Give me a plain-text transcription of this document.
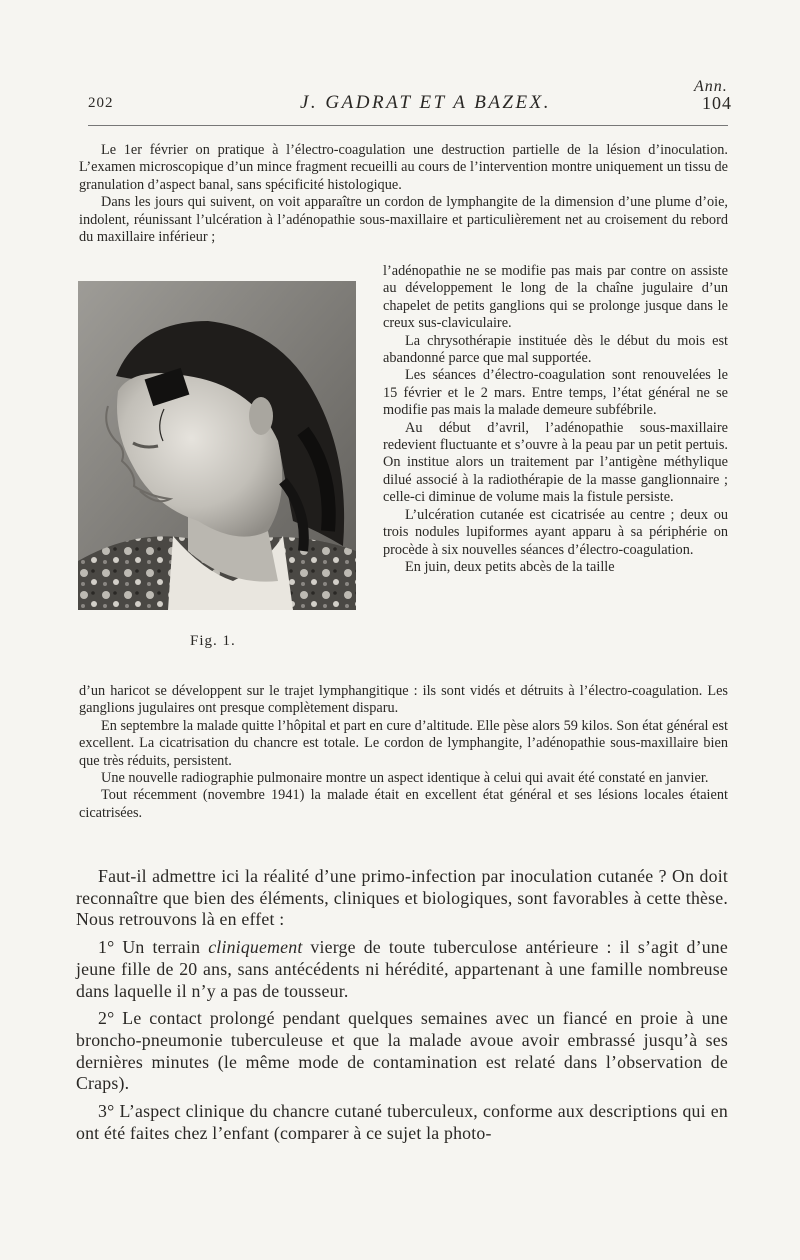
Ann.
202	J. GADRAT ET A BAZEX.	104

Le 1er février on pratique à l’électro-coagulation une destruction partielle de la lésion d’inoculation. L’examen microscopique d’un mince fragment recueilli au cours de l’intervention montre uniquement un tissu de granulation d’aspect banal, sans spécificité histologique.

Dans les jours qui suivent, on voit apparaître un cordon de lymphangite de la dimension d’une plume d’oie, indolent, réunissant l’ulcération à l’adénopathie sous-maxillaire et particulièrement net au croisement du rebord du maxillaire inférieur ;

Fig. 1.

l’adénopathie ne se modifie pas mais par contre on assiste au développement le long de la chaîne jugulaire d’un chapelet de petits ganglions qui se prolonge jusque dans le creux sus-claviculaire.

La chrysothérapie instituée dès le début du mois est abandonné parce que mal supportée.

Les séances d’électro-coagulation sont renouvelées le 15 février et le 2 mars. Entre temps, l’état général ne se modifie pas mais la malade demeure subfébrile.

Au début d’avril, l’adénopathie sous-maxillaire redevient fluctuante et s’ouvre à la peau par un petit pertuis. On institue alors un traitement par l’antigène méthylique dilué associé à la radiothérapie de la masse ganglionnaire ; celle-ci diminue de volume mais la fistule persiste.

L’ulcération cutanée est cicatrisée au centre ; deux ou trois nodules lupiformes ayant apparu à sa périphérie on procède à six nouvelles séances d’électro-coagulation.

En juin, deux petits abcès de la taille

d’un haricot se développent sur le trajet lymphangitique : ils sont vidés et détruits à l’électro-coagulation. Les ganglions jugulaires ont presque complètement disparu.

En septembre la malade quitte l’hôpital et part en cure d’altitude. Elle pèse alors 59 kilos. Son état général est excellent. La cicatrisation du chancre est totale. Le cordon de lymphangite, l’adénopathie sous-maxillaire bien que très réduits, persistent.

Une nouvelle radiographie pulmonaire montre un aspect identique à celui qui avait été constaté en janvier.

Tout récemment (novembre 1941) la malade était en excellent état général et ses lésions locales étaient cicatrisées.

Faut-il admettre ici la réalité d’une primo-infection par inoculation cutanée ? On doit reconnaître que bien des éléments, cliniques et biologiques, sont favorables à cette thèse. Nous retrouvons là en effet :

1° Un terrain cliniquement vierge de toute tuberculose antérieure : il s’agit d’une jeune fille de 20 ans, sans antécédents ni hérédité, appartenant à une famille nombreuse dans laquelle il n’y a pas de tousseur.

2° Le contact prolongé pendant quelques semaines avec un fiancé en proie à une broncho-pneumonie tuberculeuse et que la malade avoue avoir embrassé jusqu’à ses dernières minutes (le même mode de contamination est relaté dans l’observation de Craps).

3° L’aspect clinique du chancre cutané tuberculeux, conforme aux descriptions qui en ont été faites chez l’enfant (comparer à ce sujet la photo-
